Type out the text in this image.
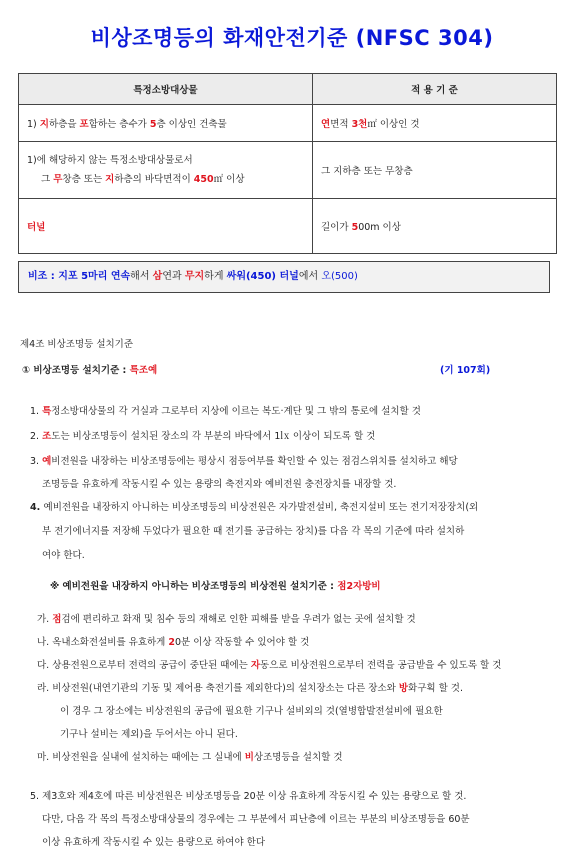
비상조명등의 화재안전기준 (NFSC 304)
특정소방대상물	적 용 기 준
1) 지하층을 포함하는 층수가 5층 이상인 건축물	연면적 3천㎡ 이상인 것

1)에 해당하지 않는 특정소방대상물로서
그 무창층 또는 지하층의 바닥면적이 450㎡ 이상	그 지하층 또는 무창층
터널	길이가 500m 이상
비조 : 지포 5마리 연속해서 삼연과 무지하게 싸워(450) 터널에서 오(500)
제4조 비상조명등 설치기준
① 비상조명등 설치기준 : 특조예	(기 107회)
1. 특정소방대상물의 각 거실과 그로부터 지상에 이르는 복도·계단 및 그 밖의 통로에 설치할 것
2. 조도는 비상조명등이 설치된 장소의 각 부분의 바닥에서 1㏓ 이상이 되도록 할 것
3. 예비전원을 내장하는 비상조명등에는 평상시 점등여부를 확인할 수 있는 점검스위치를 설치하고 해당
조명등을 유효하게 작동시킬 수 있는 용량의 축전지와 예비전원 충전장치를 내장할 것.
4. 예비전원을 내장하지 아니하는 비상조명등의 비상전원은 자가발전설비, 축전지설비 또는 전기저장장치(외
부 전기에너지를 저장해 두었다가 필요한 때 전기를 공급하는 장치)를 다음 각 목의 기준에 따라 설치하
여야 한다.
※ 예비전원을 내장하지 아니하는 비상조명등의 비상전원 설치기준 : 점2자방비
가. 점검에 편리하고 화재 및 침수 등의 재해로 인한 피해를 받을 우려가 없는 곳에 설치할 것
나. 옥내소화전설비를 유효하게 20분 이상 작동할 수 있어야 할 것
다. 상용전원으로부터 전력의 공급이 중단된 때에는 자동으로 비상전원으로부터 전력을 공급받을 수 있도록 할 것
라. 비상전원(내연기관의 기동 및 제어용 축전기를 제외한다)의 설치장소는 다른 장소와 방화구획 할 것.
이 경우 그 장소에는 비상전원의 공급에 필요한 기구나 설비외의 것(열병합발전설비에 필요한
기구나 설비는 제외)을 두어서는 아니 된다.
마. 비상전원을 실내에 설치하는 때에는 그 실내에 비상조명등을 설치할 것
5. 제3호와 제4호에 따른 비상전원은 비상조명등을 20분 이상 유효하게 작동시킬 수 있는 용량으로 할 것.
다만, 다음 각 목의 특정소방대상물의 경우에는 그 부분에서 피난층에 이르는 부분의 비상조명등을 60분
이상 유효하게 작동시킬 수 있는 용량으로 하여야 한다
